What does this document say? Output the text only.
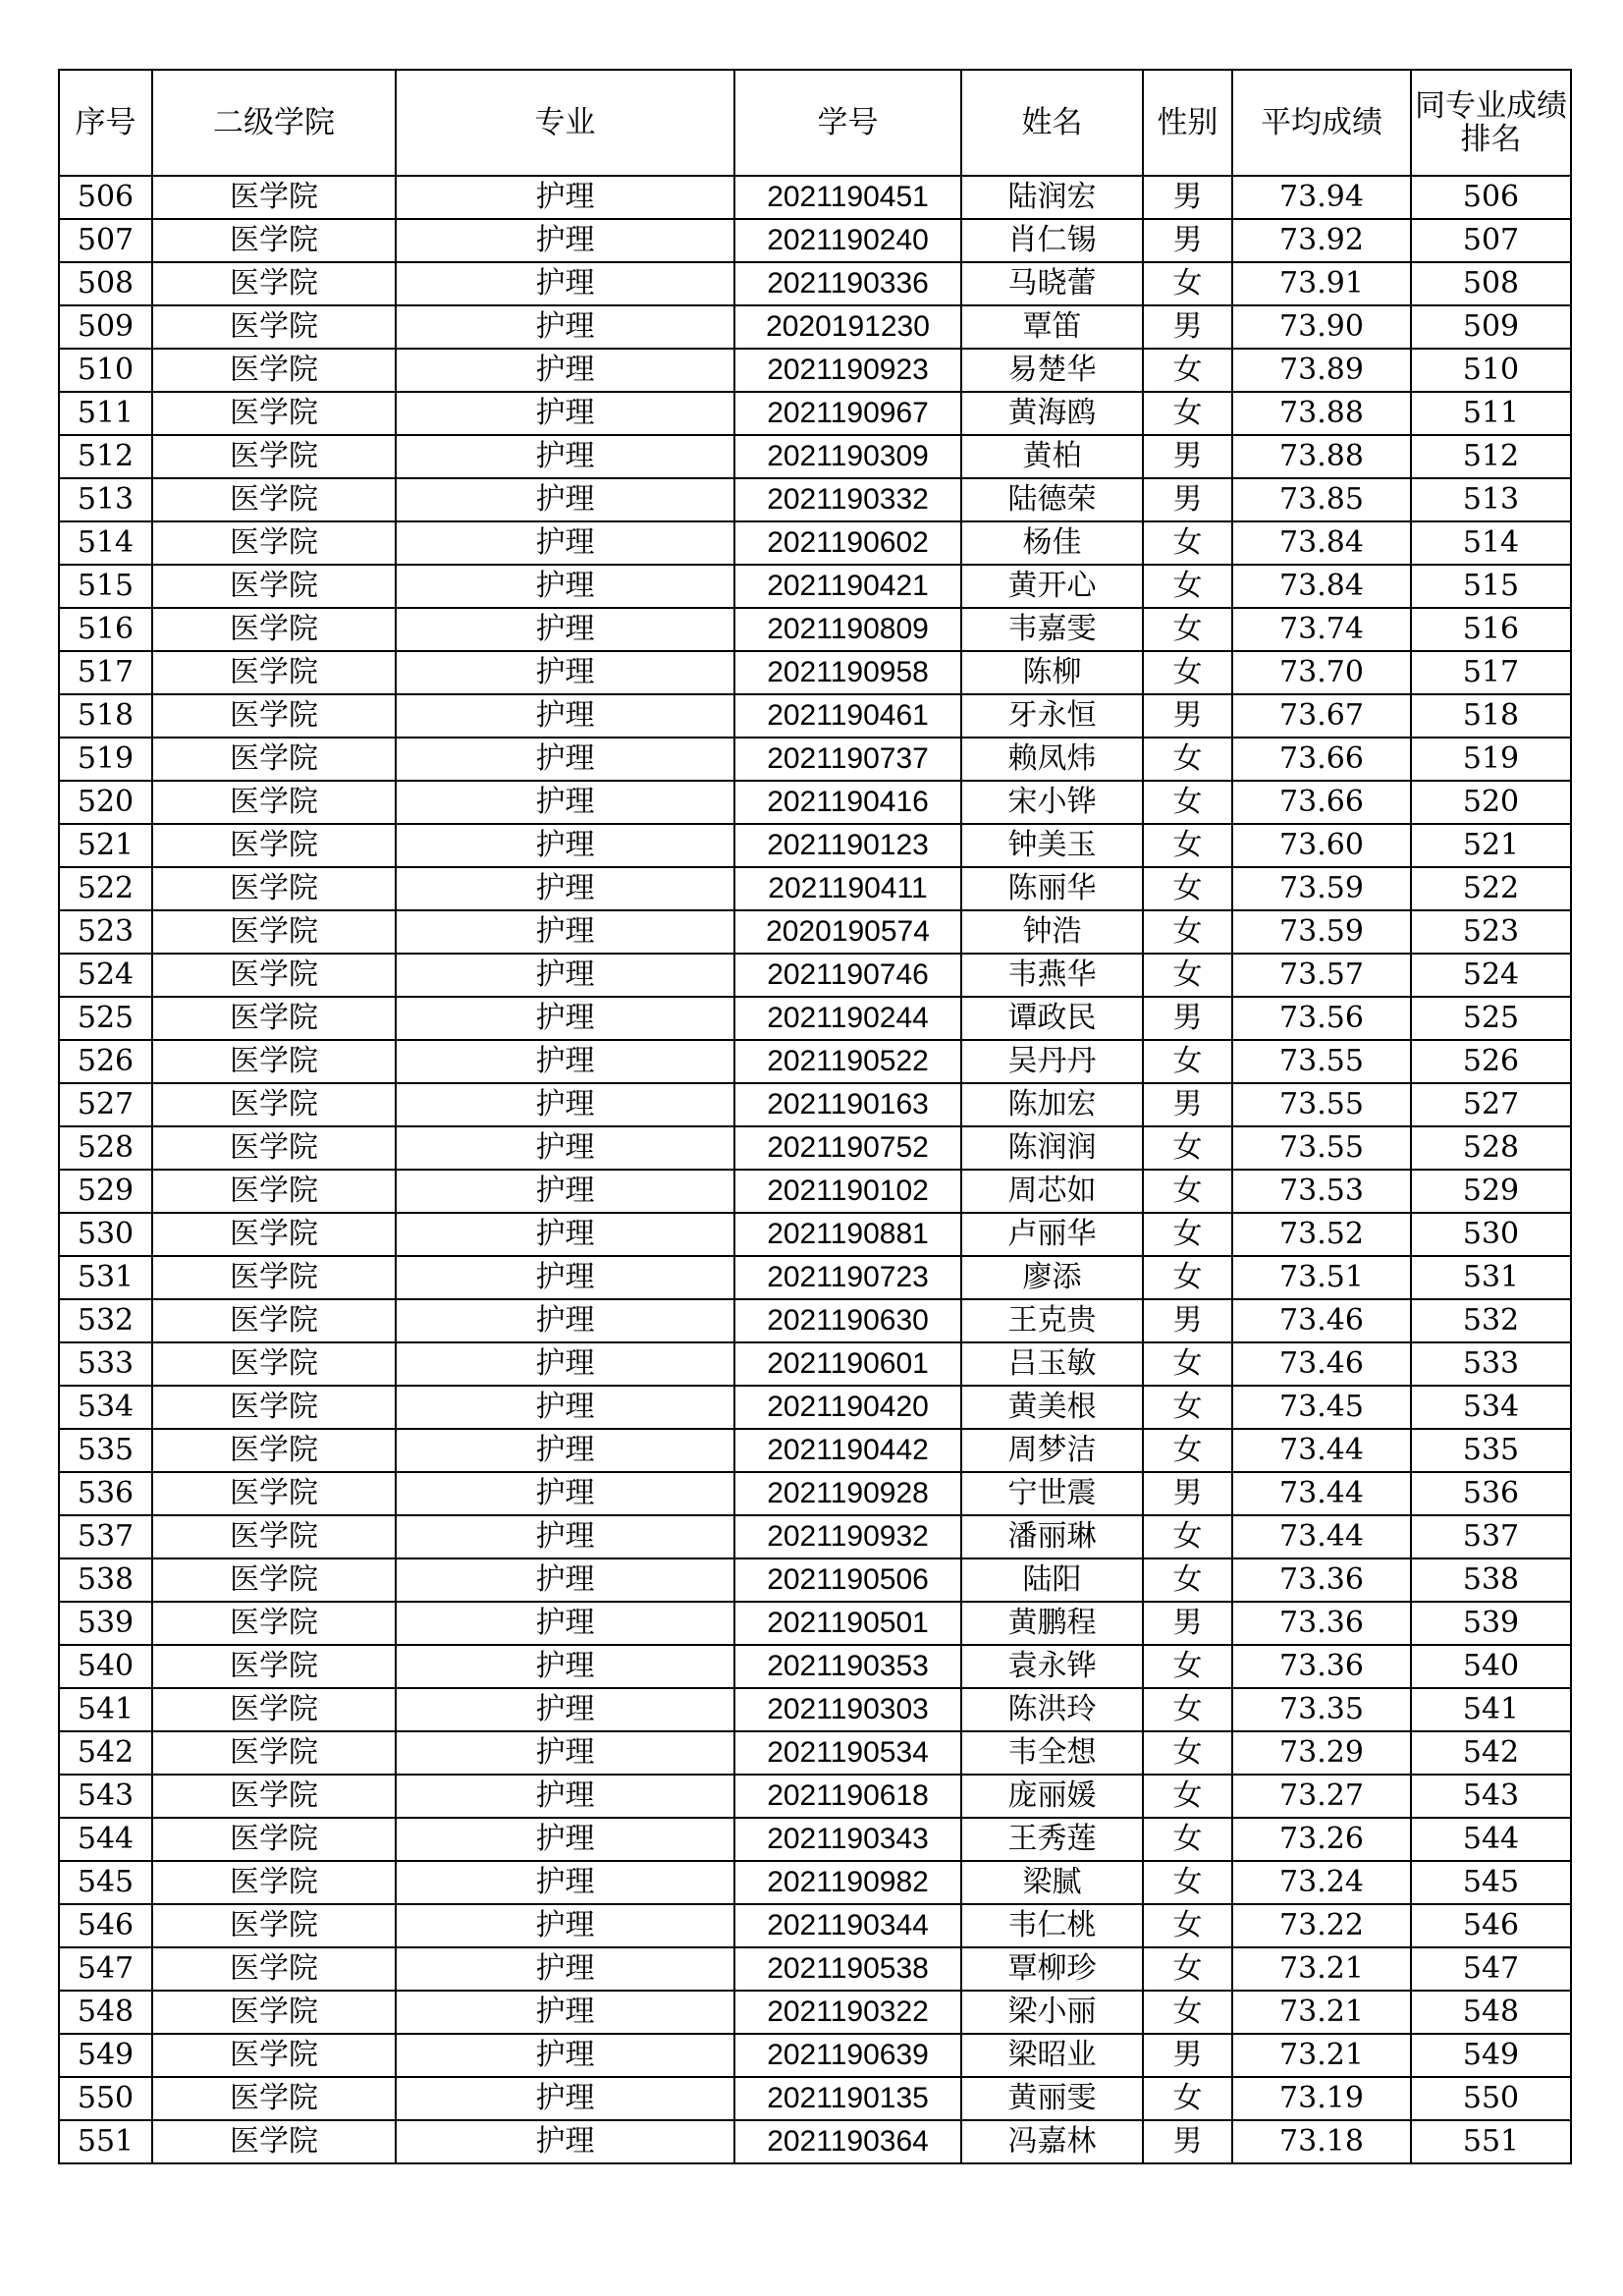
序号	二级学院	专业	学号	姓名	性别	平均成绩	同专业成绩排名
506	医学院	护理	2021190451	陆润宏	男	73.94	506
507	医学院	护理	2021190240	肖仁锡	男	73.92	507
508	医学院	护理	2021190336	马晓蕾	女	73.91	508
509	医学院	护理	2020191230	覃笛	男	73.90	509
510	医学院	护理	2021190923	易楚华	女	73.89	510
511	医学院	护理	2021190967	黄海鸥	女	73.88	511
512	医学院	护理	2021190309	黄柏	男	73.88	512
513	医学院	护理	2021190332	陆德荣	男	73.85	513
514	医学院	护理	2021190602	杨佳	女	73.84	514
515	医学院	护理	2021190421	黄开心	女	73.84	515
516	医学院	护理	2021190809	韦嘉雯	女	73.74	516
517	医学院	护理	2021190958	陈柳	女	73.70	517
518	医学院	护理	2021190461	牙永恒	男	73.67	518
519	医学院	护理	2021190737	赖凤炜	女	73.66	519
520	医学院	护理	2021190416	宋小铧	女	73.66	520
521	医学院	护理	2021190123	钟美玉	女	73.60	521
522	医学院	护理	2021190411	陈丽华	女	73.59	522
523	医学院	护理	2020190574	钟浩	女	73.59	523
524	医学院	护理	2021190746	韦燕华	女	73.57	524
525	医学院	护理	2021190244	谭政民	男	73.56	525
526	医学院	护理	2021190522	吴丹丹	女	73.55	526
527	医学院	护理	2021190163	陈加宏	男	73.55	527
528	医学院	护理	2021190752	陈润润	女	73.55	528
529	医学院	护理	2021190102	周芯如	女	73.53	529
530	医学院	护理	2021190881	卢丽华	女	73.52	530
531	医学院	护理	2021190723	廖添	女	73.51	531
532	医学院	护理	2021190630	王克贵	男	73.46	532
533	医学院	护理	2021190601	吕玉敏	女	73.46	533
534	医学院	护理	2021190420	黄美根	女	73.45	534
535	医学院	护理	2021190442	周梦洁	女	73.44	535
536	医学院	护理	2021190928	宁世震	男	73.44	536
537	医学院	护理	2021190932	潘丽琳	女	73.44	537
538	医学院	护理	2021190506	陆阳	女	73.36	538
539	医学院	护理	2021190501	黄鹏程	男	73.36	539
540	医学院	护理	2021190353	袁永铧	女	73.36	540
541	医学院	护理	2021190303	陈洪玲	女	73.35	541
542	医学院	护理	2021190534	韦全想	女	73.29	542
543	医学院	护理	2021190618	庞丽媛	女	73.27	543
544	医学院	护理	2021190343	王秀莲	女	73.26	544
545	医学院	护理	2021190982	梁腻	女	73.24	545
546	医学院	护理	2021190344	韦仁桃	女	73.22	546
547	医学院	护理	2021190538	覃柳珍	女	73.21	547
548	医学院	护理	2021190322	梁小丽	女	73.21	548
549	医学院	护理	2021190639	梁昭业	男	73.21	549
550	医学院	护理	2021190135	黄丽雯	女	73.19	550
551	医学院	护理	2021190364	冯嘉林	男	73.18	551
